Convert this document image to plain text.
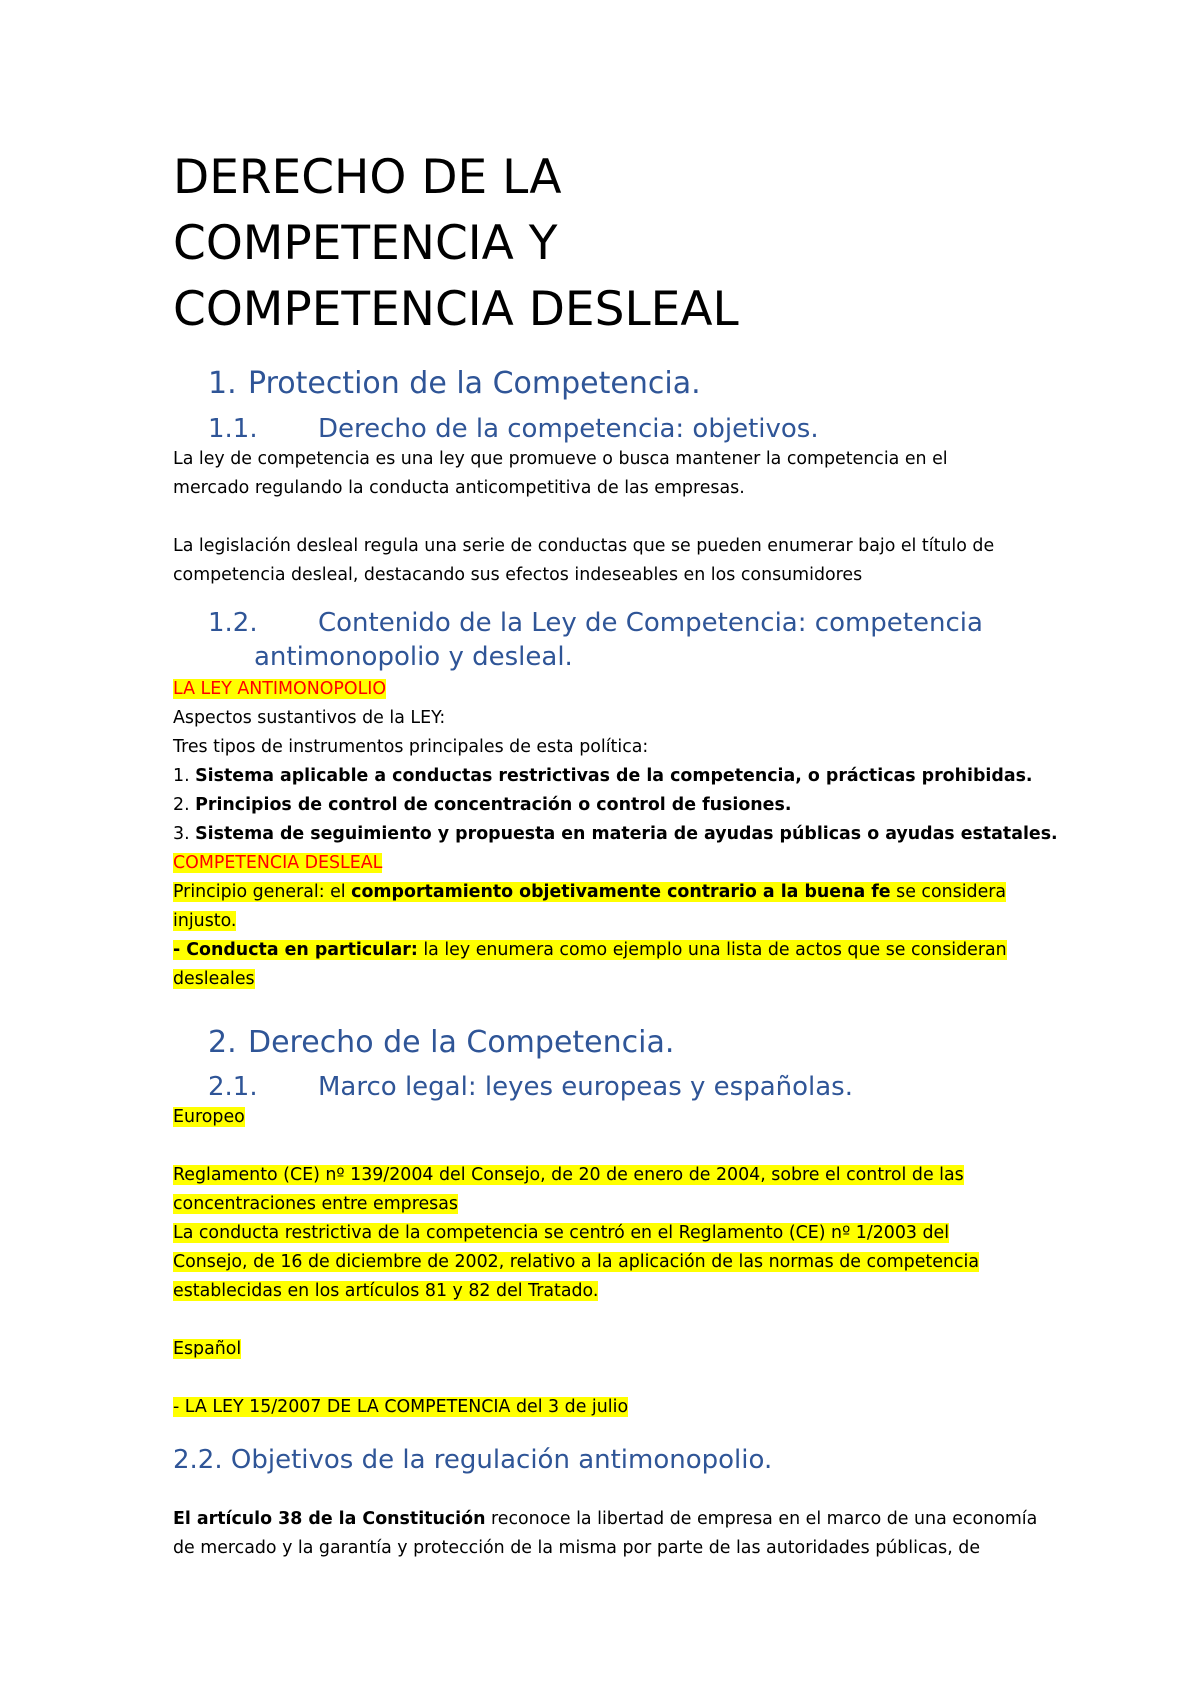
DERECHO DE LA
COMPETENCIA Y
COMPETENCIA DESLEAL
1. Protection de la Competencia.
1.1. Derecho de la competencia: objetivos.

La ley de competencia es una ley que promueve o busca mantener la competencia en el
mercado regulando la conducta anticompetitiva de las empresas.

La legislación desleal regula una serie de conductas que se pueden enumerar bajo el título de
competencia desleal, destacando sus efectos indeseables en los consumidores

1.2. Contenido de la Ley de Competencia: competencia
antimonopolio y desleal.

LA LEY ANTIMONOPOLIO
Aspectos sustantivos de la LEY:
Tres tipos de instrumentos principales de esta política:
1. Sistema aplicable a conductas restrictivas de la competencia, o prácticas prohibidas.
2. Principios de control de concentración o control de fusiones.
3. Sistema de seguimiento y propuesta en materia de ayudas públicas o ayudas estatales.
COMPETENCIA DESLEAL
Principio general: el comportamiento objetivamente contrario a la buena fe se considera
injusto.
- Conducta en particular: la ley enumera como ejemplo una lista de actos que se consideran
desleales

2. Derecho de la Competencia.
2.1. Marco legal: leyes europeas y españolas.

Europeo

Reglamento (CE) nº 139/2004 del Consejo, de 20 de enero de 2004, sobre el control de las
concentraciones entre empresas
La conducta restrictiva de la competencia se centró en el Reglamento (CE) nº 1/2003 del
Consejo, de 16 de diciembre de 2002, relativo a la aplicación de las normas de competencia
establecidas en los artículos 81 y 82 del Tratado.

Español

- LA LEY 15/2007 DE LA COMPETENCIA del 3 de julio

2.2. Objetivos de la regulación antimonopolio.

El artículo 38 de la Constitución reconoce la libertad de empresa en el marco de una economía
de mercado y la garantía y protección de la misma por parte de las autoridades públicas, de
